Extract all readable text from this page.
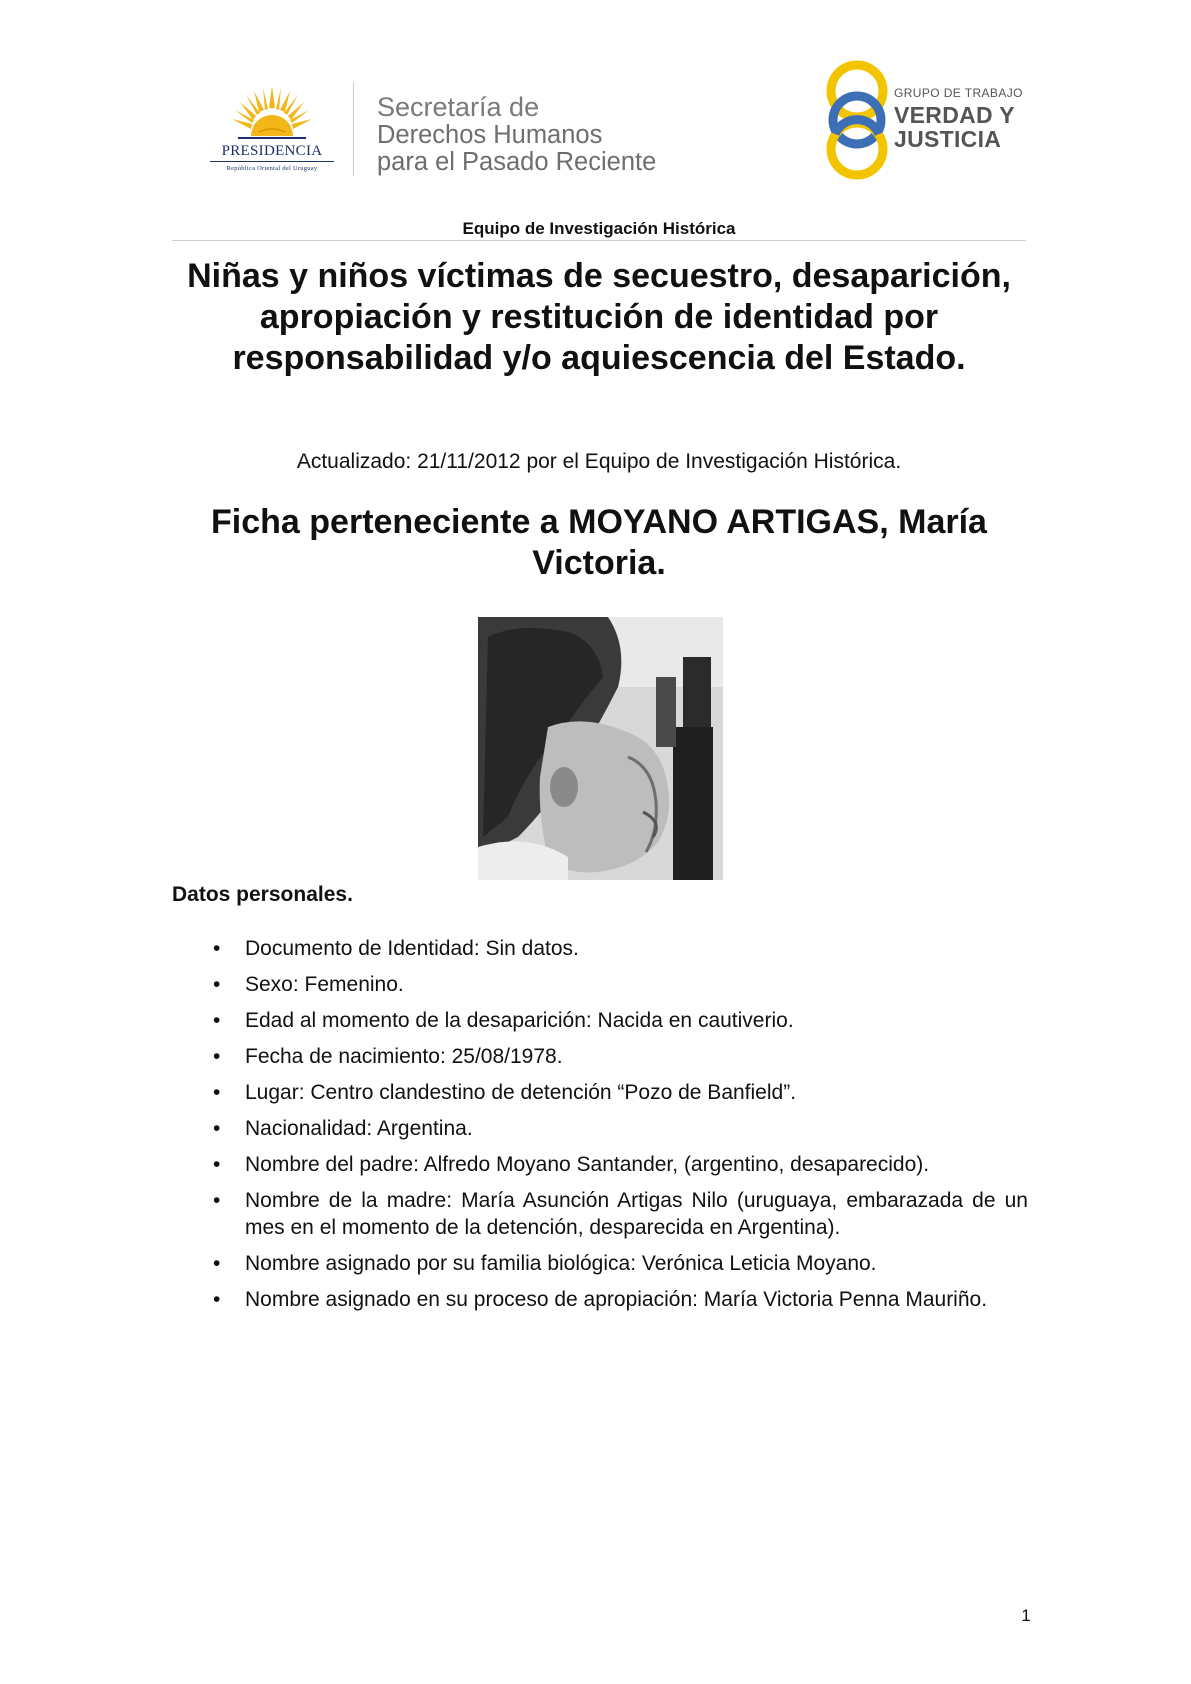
PRESIDENCIA
República Oriental del Uruguay
Secretaría de
Derechos Humanos
para el Pasado Reciente
GRUPO DE TRABAJO
VERDAD Y
JUSTICIA
Equipo de Investigación Histórica
Niñas y niños víctimas de secuestro, desaparición, apropiación y restitución de identidad por responsabilidad y/o aquiescencia del Estado.
Actualizado: 21/11/2012 por el Equipo de Investigación Histórica.
Ficha perteneciente a MOYANO ARTIGAS, María Victoria.
Datos personales.
• Documento de Identidad: Sin datos.
• Sexo: Femenino.
• Edad al momento de la desaparición: Nacida en cautiverio.
• Fecha de nacimiento: 25/08/1978.
• Lugar: Centro clandestino de detención “Pozo de Banfield”.
• Nacionalidad: Argentina.
• Nombre del padre: Alfredo Moyano Santander, (argentino, desaparecido).
• Nombre de la madre: María Asunción Artigas Nilo (uruguaya, embarazada de un mes en el momento de la detención, desparecida en Argentina).
• Nombre asignado por su familia biológica: Verónica Leticia Moyano.
• Nombre asignado en su proceso de apropiación: María Victoria Penna Mauriño.
1
